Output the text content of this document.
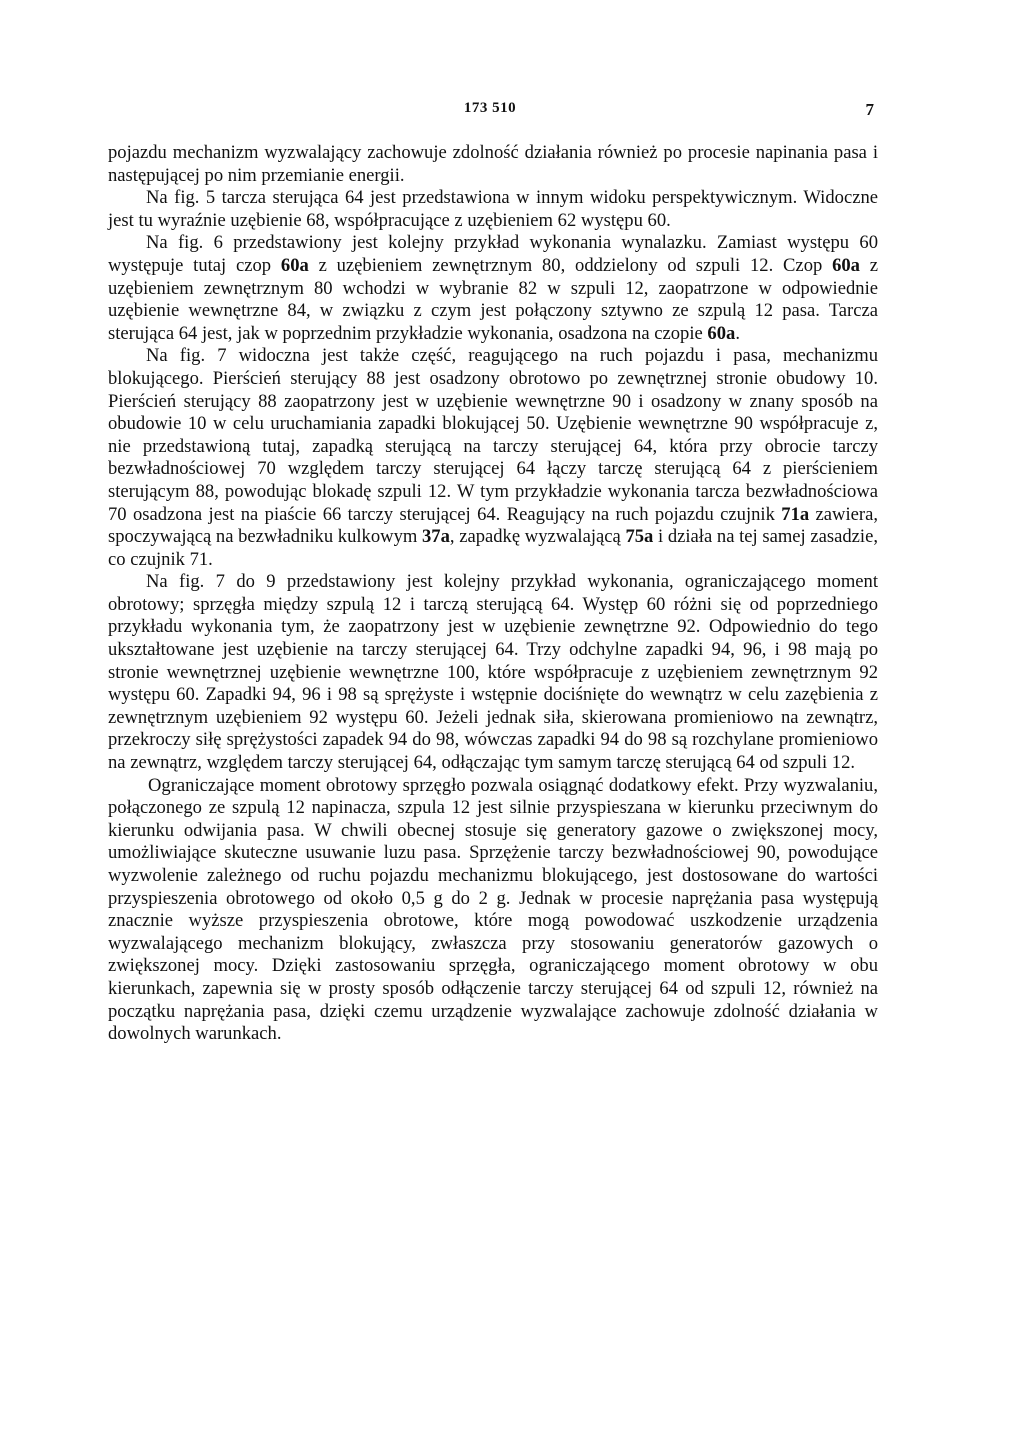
173 510	7

pojazdu mechanizm wyzwalający zachowuje zdolność działania również po procesie napinania pasa i następującej po nim przemianie energii.

Na fig. 5 tarcza sterująca 64 jest przedstawiona w innym widoku perspektywicznym. Widoczne jest tu wyraźnie uzębienie 68, współpracujące z uzębieniem 62 występu 60.

Na fig. 6 przedstawiony jest kolejny przykład wykonania wynalazku. Zamiast występu 60 występuje tutaj czop 60a z uzębieniem zewnętrznym 80, oddzielony od szpuli 12. Czop 60a z uzębieniem zewnętrznym 80 wchodzi w wybranie 82 w szpuli 12, zaopatrzone w odpowiednie uzębienie wewnętrzne 84, w związku z czym jest połączony sztywno ze szpulą 12 pasa. Tarcza sterująca 64 jest, jak w poprzednim przykładzie wykonania, osadzona na czopie 60a.

Na fig. 7 widoczna jest także część, reagującego na ruch pojazdu i pasa, mechanizmu blokującego. Pierścień sterujący 88 jest osadzony obrotowo po zewnętrznej stronie obudowy 10. Pierścień sterujący 88 zaopatrzony jest w uzębienie wewnętrzne 90 i osadzony w znany sposób na obudowie 10 w celu uruchamiania zapadki blokującej 50. Uzębienie wewnętrzne 90 współpracuje z, nie przedstawioną tutaj, zapadką sterującą na tarczy sterującej 64, która przy obrocie tarczy bezwładnościowej 70 względem tarczy sterującej 64 łączy tarczę sterującą 64 z pierścieniem sterującym 88, powodując blokadę szpuli 12. W tym przykładzie wykonania tarcza bezwładnościowa 70 osadzona jest na piaście 66 tarczy sterującej 64. Reagujący na ruch pojazdu czujnik 71a zawiera, spoczywającą na bezwładniku kulkowym 37a, zapadkę wyzwalającą 75a i działa na tej samej zasadzie, co czujnik 71.

Na fig. 7 do 9 przedstawiony jest kolejny przykład wykonania, ograniczającego moment obrotowy; sprzęgła między szpulą 12 i tarczą sterującą 64. Występ 60 różni się od poprzedniego przykładu wykonania tym, że zaopatrzony jest w uzębienie zewnętrzne 92. Odpowiednio do tego ukształtowane jest uzębienie na tarczy sterującej 64. Trzy odchylne zapadki 94, 96, i 98 mają po stronie wewnętrznej uzębienie wewnętrzne 100, które współpracuje z uzębieniem zewnętrznym 92 występu 60. Zapadki 94, 96 i 98 są sprężyste i wstępnie dociśnięte do wewnątrz w celu zazębienia z zewnętrznym uzębieniem 92 występu 60. Jeżeli jednak siła, skierowana promieniowo na zewnątrz, przekroczy siłę sprężystości zapadek 94 do 98, wówczas zapadki 94 do 98 są rozchylane promieniowo na zewnątrz, względem tarczy sterującej 64, odłączając tym samym tarczę sterującą 64 od szpuli 12.

Ograniczające moment obrotowy sprzęgło pozwala osiągnąć dodatkowy efekt. Przy wyzwalaniu, połączonego ze szpulą 12 napinacza, szpula 12 jest silnie przyspieszana w kierunku przeciwnym do kierunku odwijania pasa. W chwili obecnej stosuje się generatory gazowe o zwiększonej mocy, umożliwiające skuteczne usuwanie luzu pasa. Sprzężenie tarczy bezwładnościowej 90, powodujące wyzwolenie zależnego od ruchu pojazdu mechanizmu blokującego, jest dostosowane do wartości przyspieszenia obrotowego od około 0,5 g do 2 g. Jednak w procesie naprężania pasa występują znacznie wyższe przyspieszenia obrotowe, które mogą powodować uszkodzenie urządzenia wyzwalającego mechanizm blokujący, zwłaszcza przy stosowaniu generatorów gazowych o zwiększonej mocy. Dzięki zastosowaniu sprzęgła, ograniczającego moment obrotowy w obu kierunkach, zapewnia się w prosty sposób odłączenie tarczy sterującej 64 od szpuli 12, również na początku naprężania pasa, dzięki czemu urządzenie wyzwalające zachowuje zdolność działania w dowolnych warunkach.
